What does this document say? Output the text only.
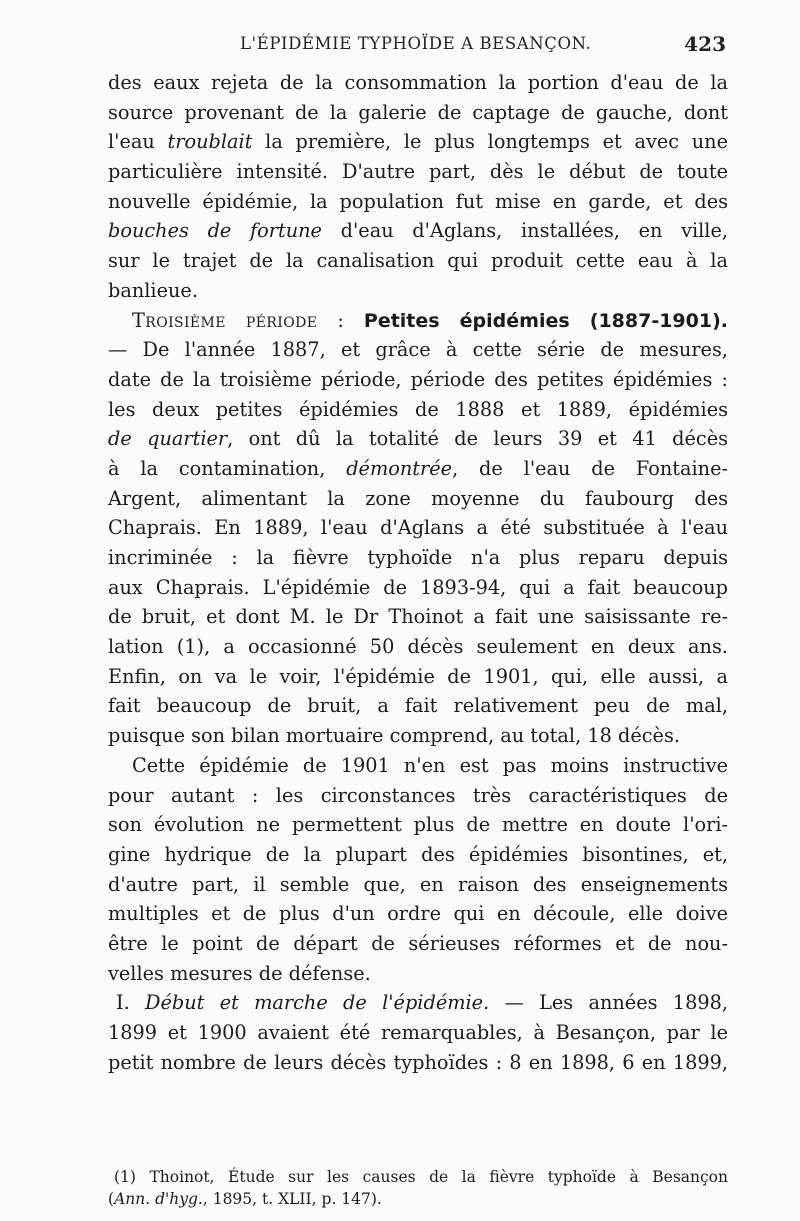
L'ÉPIDÉMIE TYPHOÏDE A BESANÇON.	423
des eaux rejeta de la consommation la portion d'eau de la
source provenant de la galerie de captage de gauche, dont
l'eau troublait la première, le plus longtemps et avec une
particulière intensité. D'autre part, dès le début de toute
nouvelle épidémie, la population fut mise en garde, et des
bouches de fortune d'eau d'Aglans, installées, en ville,
sur le trajet de la canalisation qui produit cette eau à la
banlieue.
Troisième période : Petites épidémies (1887-1901).
— De l'année 1887, et grâce à cette série de mesures,
date de la troisième période, période des petites épidémies :
les deux petites épidémies de 1888 et 1889, épidémies
de quartier, ont dû la totalité de leurs 39 et 41 décès
à la contamination, démontrée, de l'eau de Fontaine-
Argent, alimentant la zone moyenne du faubourg des
Chaprais. En 1889, l'eau d'Aglans a été substituée à l'eau
incriminée : la fièvre typhoïde n'a plus reparu depuis
aux Chaprais. L'épidémie de 1893-94, qui a fait beaucoup
de bruit, et dont M. le Dr Thoinot a fait une saisissante re-
lation (1), a occasionné 50 décès seulement en deux ans.
Enfin, on va le voir, l'épidémie de 1901, qui, elle aussi, a
fait beaucoup de bruit, a fait relativement peu de mal,
puisque son bilan mortuaire comprend, au total, 18 décès.
Cette épidémie de 1901 n'en est pas moins instructive
pour autant : les circonstances très caractéristiques de
son évolution ne permettent plus de mettre en doute l'ori-
gine hydrique de la plupart des épidémies bisontines, et,
d'autre part, il semble que, en raison des enseignements
multiples et de plus d'un ordre qui en découle, elle doive
être le point de départ de sérieuses réformes et de nou-
velles mesures de défense.
I. Début et marche de l'épidémie. — Les années 1898,
1899 et 1900 avaient été remarquables, à Besançon, par le
petit nombre de leurs décès typhoïdes : 8 en 1898, 6 en 1899,
(1) Thoinot, Étude sur les causes de la fièvre typhoïde à Besançon
(Ann. d'hyg., 1895, t. XLII, p. 147).
